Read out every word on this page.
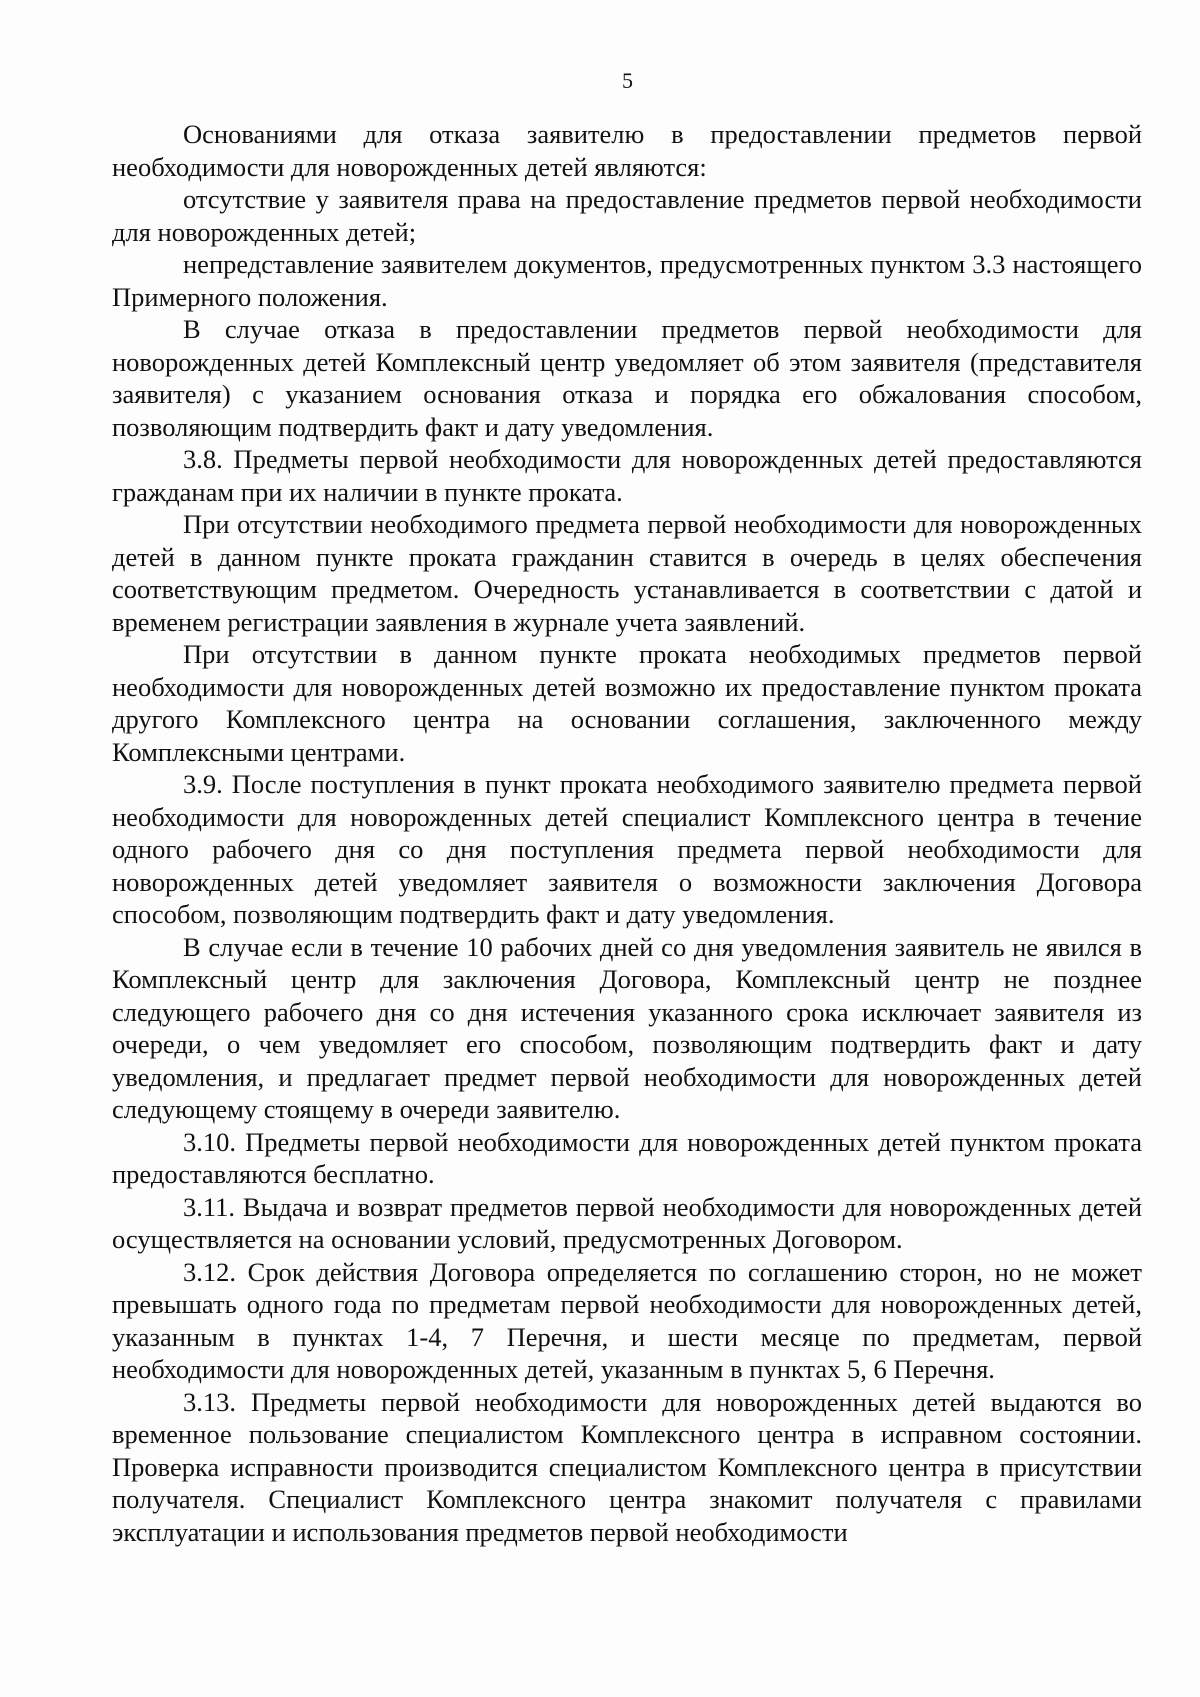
5

Основаниями для отказа заявителю в предоставлении предметов первой необходимости для новорожденных детей являются:

отсутствие у заявителя права на предоставление предметов первой необходимости для новорожденных детей;

непредставление заявителем документов, предусмотренных пунктом 3.3 настоящего Примерного положения.

В случае отказа в предоставлении предметов первой необходимости для новорожденных детей Комплексный центр уведомляет об этом заявителя (представителя заявителя) с указанием основания отказа и порядка его обжалования способом, позволяющим подтвердить факт и дату уведомления.

3.8. Предметы первой необходимости для новорожденных детей предоставляются гражданам при их наличии в пункте проката.

При отсутствии необходимого предмета первой необходимости для новорожденных детей в данном пункте проката гражданин ставится в очередь в целях обеспечения соответствующим предметом. Очередность устанавливается в соответствии с датой и временем регистрации заявления в журнале учета заявлений.

При отсутствии в данном пункте проката необходимых предметов первой необходимости для новорожденных детей возможно их предоставление пунктом проката другого Комплексного центра на основании соглашения, заключенного между Комплексными центрами.

3.9. После поступления в пункт проката необходимого заявителю предмета первой необходимости для новорожденных детей специалист Комплексного центра в течение одного рабочего дня со дня поступления предмета первой необходимости для новорожденных детей уведомляет заявителя о возможности заключения Договора способом, позволяющим подтвердить факт и дату уведомления.

В случае если в течение 10 рабочих дней со дня уведомления заявитель не явился в Комплексный центр для заключения Договора, Комплексный центр не позднее следующего рабочего дня со дня истечения указанного срока исключает заявителя из очереди, о чем уведомляет его способом, позволяющим подтвердить факт и дату уведомления, и предлагает предмет первой необходимости для новорожденных детей следующему стоящему в очереди заявителю.

3.10. Предметы первой необходимости для новорожденных детей пунктом проката предоставляются бесплатно.

3.11. Выдача и возврат предметов первой необходимости для новорожденных детей осуществляется на основании условий, предусмотренных Договором.

3.12. Срок действия Договора определяется по соглашению сторон, но не может превышать одного года по предметам первой необходимости для новорожденных детей, указанным в пунктах 1-4, 7 Перечня, и шести месяце по предметам, первой необходимости для новорожденных детей, указанным в пунктах 5, 6 Перечня.

3.13. Предметы первой необходимости для новорожденных детей выдаются во временное пользование специалистом Комплексного центра в исправном состоянии. Проверка исправности производится специалистом Комплексного центра в присутствии получателя. Специалист Комплексного центра знакомит получателя с правилами эксплуатации и использования предметов первой необходимости
